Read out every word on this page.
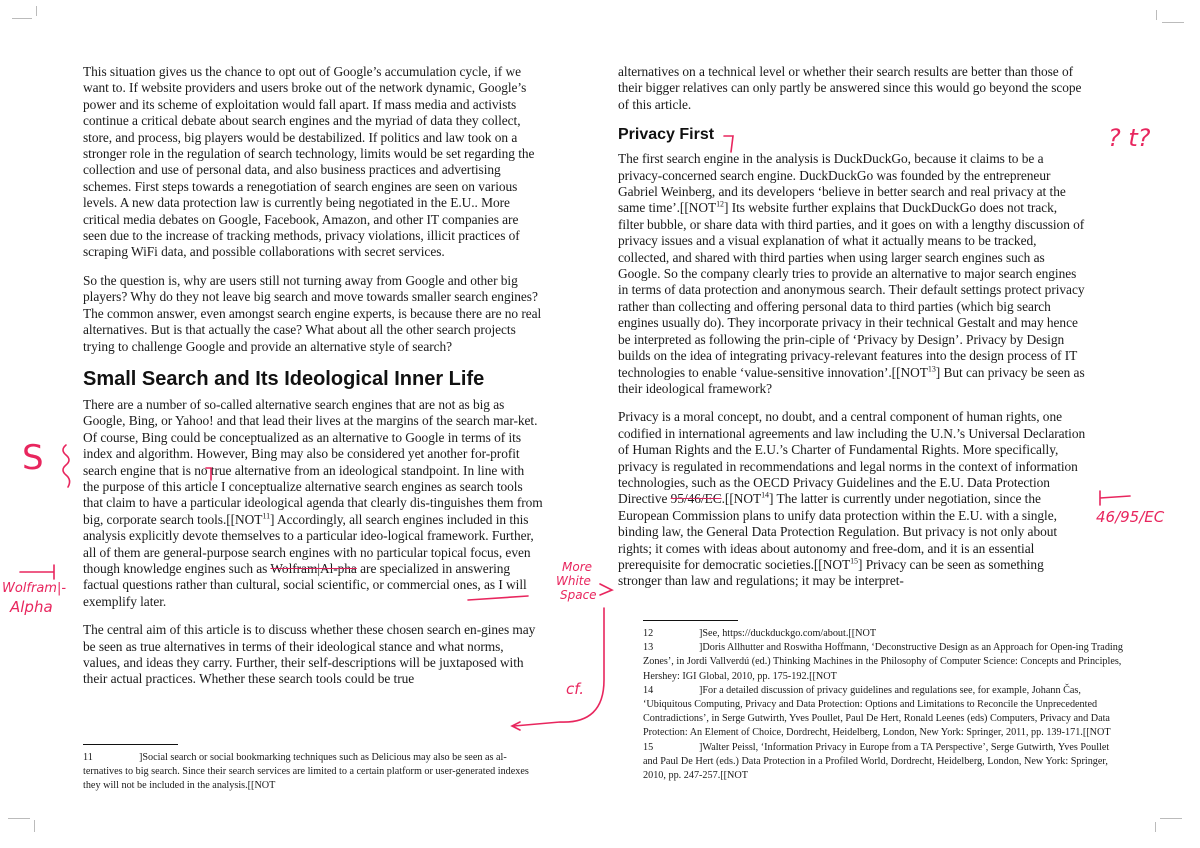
This situation gives us the chance to opt out of Google’s accumulation cycle, if we want to. If website providers and users broke out of the network dynamic, Google’s power and its scheme of exploitation would fall apart. If mass media and activists continue a critical debate about search engines and the myriad of data they collect, store, and process, big players would be destabilized. If politics and law took on a stronger role in the regulation of search technology, limits would be set regarding the collection and use of personal data, and also business practices and advertising schemes. First steps towards a renegotiation of search engines are seen on various levels. A new data protection law is currently being negotiated in the E.U.. More critical media debates on Google, Facebook, Amazon, and other IT companies are seen due to the increase of tracking methods, privacy violations, illicit practices of scraping WiFi data, and possible collaborations with secret services.

So the question is, why are users still not turning away from Google and other big players? Why do they not leave big search and move towards smaller search engines? The common answer, even amongst search engine experts, is because there are no real alternatives. But is that actually the case? What about all the other search projects trying to challenge Google and provide an alternative style of search?

Small Search and Its Ideological Inner Life

There are a number of so-called alternative search engines that are not as big as Google, Bing, or Yahoo! and that lead their lives at the margins of the search mar-ket. Of course, Bing could be conceptualized as an alternative to Google in terms of its index and algorithm. However, Bing may also be considered yet another for-profit search engine that is no true alternative from an ideological standpoint. In line with the purpose of this article I conceptualize alternative search engines as search tools that claim to have a particular ideological agenda that clearly dis-tinguishes them from big, corporate search tools.[[NOT$^{11}$] Accordingly, all search engines included in this analysis explicitly devote themselves to a particular ideo-logical framework. Further, all of them are general-purpose search engines with no particular topical focus, even though knowledge engines such as Wolfram|Al-pha are specialized in answering factual questions rather than cultural, social scientific, or commercial ones, as I will exemplify later.

The central aim of this article is to discuss whether these chosen search en-gines may be seen as true alternatives in terms of their ideological stance and what norms, values, and ideas they carry. Further, their self-descriptions will be juxtaposed with their actual practices. Whether these search tools could be true

11	]Social search or social bookmarking techniques such as Delicious may also be seen as al-ternatives to big search. Since their search services are limited to a certain platform or user-generated indexes they will not be included in the analysis.[[NOT

alternatives on a technical level or whether their search results are better than those of their bigger relatives can only partly be answered since this would go beyond the scope of this article.

Privacy First

The first search engine in the analysis is DuckDuckGo, because it claims to be a privacy-concerned search engine. DuckDuckGo was founded by the entrepreneur Gabriel Weinberg, and its developers ‘believe in better search and real privacy at the same time’.[[NOT$^{12}$] Its website further explains that DuckDuckGo does not track, filter bubble, or share data with third parties, and it goes on with a lengthy discussion of privacy issues and a visual explanation of what it actually means to be tracked, collected, and shared with third parties when using larger search engines such as Google. So the company clearly tries to provide an alternative to major search engines in terms of data protection and anonymous search. Their default settings protect privacy rather than collecting and offering personal data to third parties (which big search engines usually do). They incorporate privacy in their technical Gestalt and may hence be interpreted as following the prin-ciple of ‘Privacy by Design’. Privacy by Design builds on the idea of integrating privacy-relevant features into the design process of IT technologies to enable ‘value-sensitive innovation’.[[NOT$^{13}$] But can privacy be seen as their ideological framework?

Privacy is a moral concept, no doubt, and a central component of human rights, one codified in international agreements and law including the U.N.’s Universal Declaration of Human Rights and the E.U.’s Charter of Fundamental Rights. More specifically, privacy is regulated in recommendations and legal norms in the context of information technologies, such as the OECD Privacy Guidelines and the E.U. Data Protection Directive 95/46/EC.[[NOT$^{14}$] The latter is currently under negotiation, since the European Commission plans to unify data protection within the E.U. with a single, binding law, the General Data Protection Regulation. But privacy is not only about rights; it comes with ideas about autonomy and free-dom, and it is an essential prerequisite for democratic societies.[[NOT$^{15}$] Privacy can be seen as something stronger than law and regulations; it may be interpret-

12	]See, https://duckduckgo.com/about.[[NOT

13	]Doris Allhutter and Roswitha Hoffmann, ‘Deconstructive Design as an Approach for Open-ing Trading Zones’, in Jordi Vallverdú (ed.) Thinking Machines in the Philosophy of Computer Science: Concepts and Principles, Hershey: IGI Global, 2010, pp. 175-192.[[NOT

14	]For a detailed discussion of privacy guidelines and regulations see, for example, Johann Čas, ‘Ubiquitous Computing, Privacy and Data Protection: Options and Limitations to Reconcile the Unprecedented Contradictions’, in Serge Gutwirth, Yves Poullet, Paul De Hert, Ronald Leenes (eds) Computers, Privacy and Data Protection: An Element of Choice, Dordrecht, Heidelberg, London, New York: Springer, 2011, pp. 139-171.[[NOT

15	]Walter Peissl, ‘Information Privacy in Europe from a TA Perspective’, Serge Gutwirth, Yves Poullet and Paul De Hert (eds.) Data Protection in a Profiled World, Dordrecht, Heidelberg, London, New York: Springer, 2010, pp. 247-257.[[NOT

S
Wolfram|-
Alpha
? t?
46/95/EC
More
White
Space
cf.
